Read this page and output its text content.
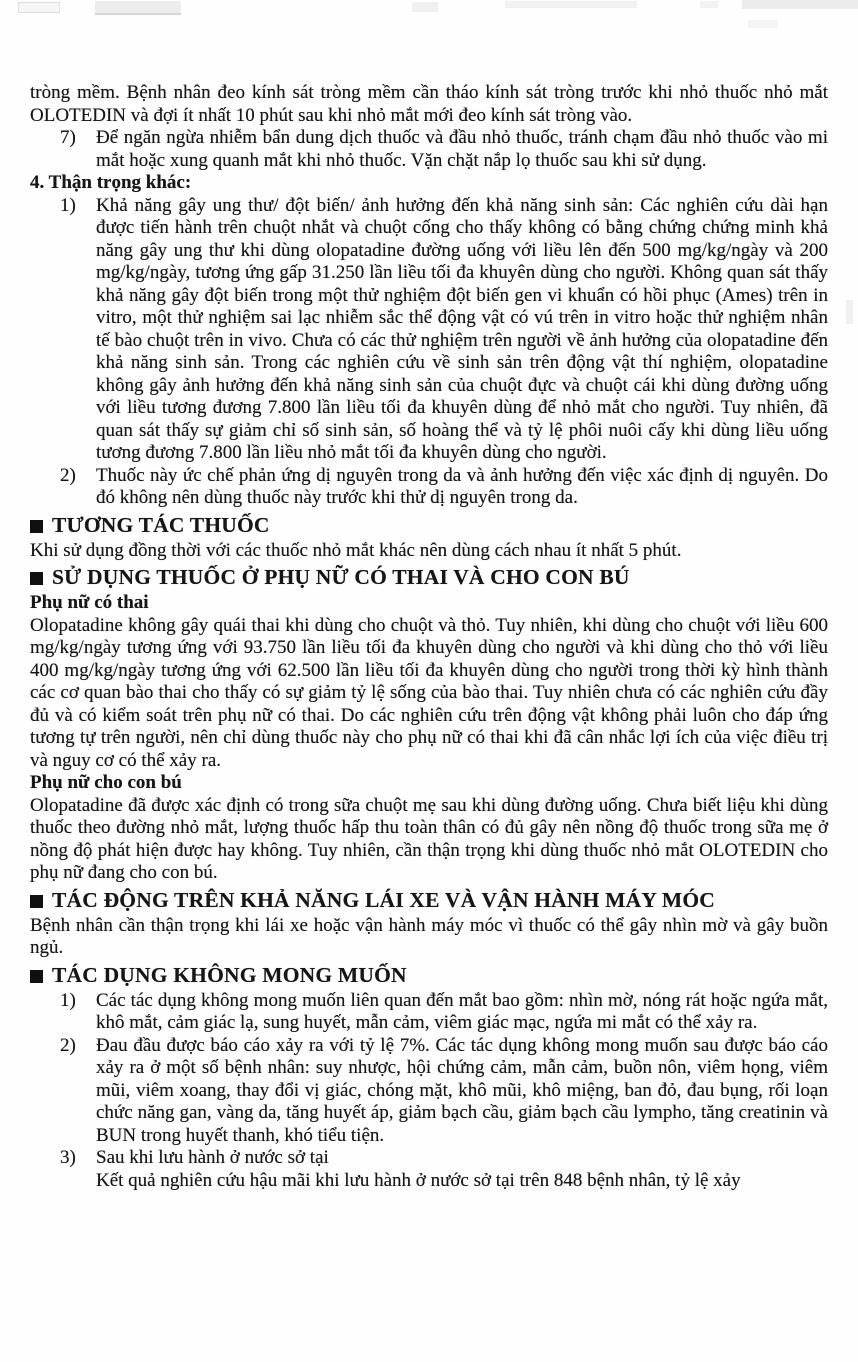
tròng mềm. Bệnh nhân đeo kính sát tròng mềm cần tháo kính sát tròng trước khi nhỏ thuốc nhỏ mắt OLOTEDIN và đợi ít nhất 10 phút sau khi nhỏ mắt mới đeo kính sát tròng vào.

7) Để ngăn ngừa nhiễm bẩn dung dịch thuốc và đầu nhỏ thuốc, tránh chạm đầu nhỏ thuốc vào mi mắt hoặc xung quanh mắt khi nhỏ thuốc. Vặn chặt nắp lọ thuốc sau khi sử dụng.

4. Thận trọng khác:

1) Khả năng gây ung thư/ đột biến/ ảnh hưởng đến khả năng sinh sản: Các nghiên cứu dài hạn được tiến hành trên chuột nhắt và chuột cống cho thấy không có bằng chứng chứng minh khả năng gây ung thư khi dùng olopatadine đường uống với liều lên đến 500 mg/kg/ngày và 200 mg/kg/ngày, tương ứng gấp 31.250 lần liều tối đa khuyên dùng cho người. Không quan sát thấy khả năng gây đột biến trong một thử nghiệm đột biến gen vi khuẩn có hồi phục (Ames) trên in vitro, một thử nghiệm sai lạc nhiễm sắc thể động vật có vú trên in vitro hoặc thử nghiệm nhân tế bào chuột trên in vivo. Chưa có các thử nghiệm trên người về ảnh hưởng của olopatadine đến khả năng sinh sản. Trong các nghiên cứu về sinh sản trên động vật thí nghiệm, olopatadine không gây ảnh hưởng đến khả năng sinh sản của chuột đực và chuột cái khi dùng đường uống với liều tương đương 7.800 lần liều tối đa khuyên dùng để nhỏ mắt cho người. Tuy nhiên, đã quan sát thấy sự giảm chỉ số sinh sản, số hoàng thể và tỷ lệ phôi nuôi cấy khi dùng liều uống tương đương 7.800 lần liều nhỏ mắt tối đa khuyên dùng cho người.
2) Thuốc này ức chế phản ứng dị nguyên trong da và ảnh hưởng đến việc xác định dị nguyên. Do đó không nên dùng thuốc này trước khi thử dị nguyên trong da.
TƯƠNG TÁC THUỐC

Khi sử dụng đồng thời với các thuốc nhỏ mắt khác nên dùng cách nhau ít nhất 5 phút.

SỬ DỤNG THUỐC Ở PHỤ NỮ CÓ THAI VÀ CHO CON BÚ

Phụ nữ có thai

Olopatadine không gây quái thai khi dùng cho chuột và thỏ. Tuy nhiên, khi dùng cho chuột với liều 600 mg/kg/ngày tương ứng với 93.750 lần liều tối đa khuyên dùng cho người và khi dùng cho thỏ với liều 400 mg/kg/ngày tương ứng với 62.500 lần liều tối đa khuyên dùng cho người trong thời kỳ hình thành các cơ quan bào thai cho thấy có sự giảm tỷ lệ sống của bào thai. Tuy nhiên chưa có các nghiên cứu đầy đủ và có kiểm soát trên phụ nữ có thai. Do các nghiên cứu trên động vật không phải luôn cho đáp ứng tương tự trên người, nên chỉ dùng thuốc này cho phụ nữ có thai khi đã cân nhắc lợi ích của việc điều trị và nguy cơ có thể xảy ra.

Phụ nữ cho con bú

Olopatadine đã được xác định có trong sữa chuột mẹ sau khi dùng đường uống. Chưa biết liệu khi dùng thuốc theo đường nhỏ mắt, lượng thuốc hấp thu toàn thân có đủ gây nên nồng độ thuốc trong sữa mẹ ở nồng độ phát hiện được hay không. Tuy nhiên, cần thận trọng khi dùng thuốc nhỏ mắt OLOTEDIN cho phụ nữ đang cho con bú.

TÁC ĐỘNG TRÊN KHẢ NĂNG LÁI XE VÀ VẬN HÀNH MÁY MÓC

Bệnh nhân cần thận trọng khi lái xe hoặc vận hành máy móc vì thuốc có thể gây nhìn mờ và gây buồn ngủ.

TÁC DỤNG KHÔNG MONG MUỐN
1) Các tác dụng không mong muốn liên quan đến mắt bao gồm: nhìn mờ, nóng rát hoặc ngứa mắt, khô mắt, cảm giác lạ, sung huyết, mẫn cảm, viêm giác mạc, ngứa mi mắt có thể xảy ra.
2) Đau đầu được báo cáo xảy ra với tỷ lệ 7%. Các tác dụng không mong muốn sau được báo cáo xảy ra ở một số bệnh nhân: suy nhược, hội chứng cảm, mẫn cảm, buồn nôn, viêm họng, viêm mũi, viêm xoang, thay đổi vị giác, chóng mặt, khô mũi, khô miệng, ban đỏ, đau bụng, rối loạn chức năng gan, vàng da, tăng huyết áp, giảm bạch cầu, giảm bạch cầu lympho, tăng creatinin và BUN trong huyết thanh, khó tiểu tiện.
3) Sau khi lưu hành ở nước sở tại
Kết quả nghiên cứu hậu mãi khi lưu hành ở nước sở tại trên 848 bệnh nhân, tỷ lệ xảy
